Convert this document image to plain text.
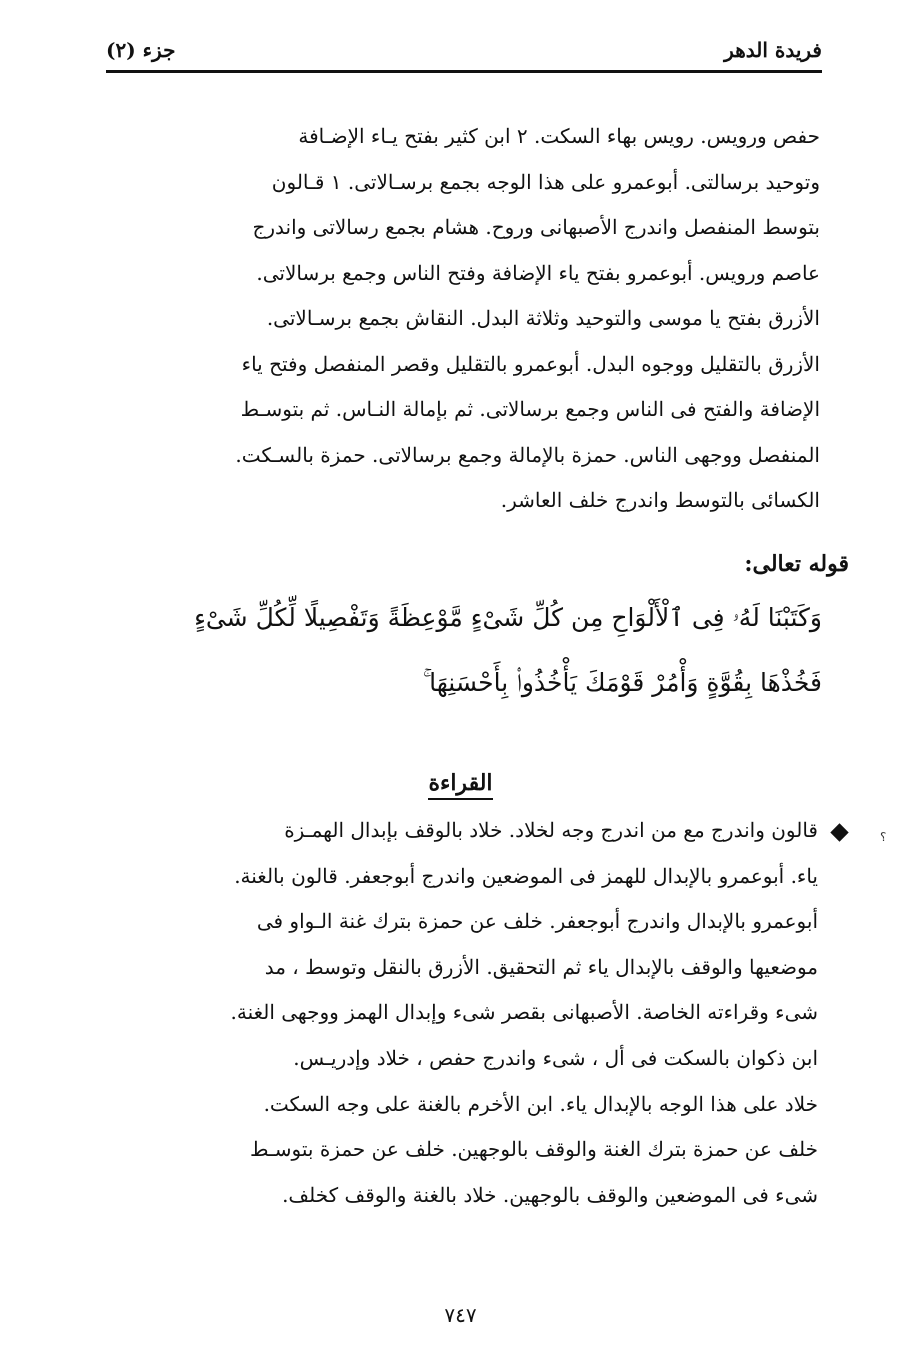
فريدة الدهر
جزء (٢)

حفص ورويس. رويس بهاء السكت. ٢ ابن كثير بفتح يـاء الإضـافة

وتوحيد برسالتى. أبوعمرو على هذا الوجه بجمع برسـالاتى. ١ قـالون

بتوسط المنفصل واندرج الأصبهانى وروح. هشام بجمع رسالاتى واندرج

عاصم ورويس. أبوعمرو بفتح ياء الإضافة وفتح الناس وجمع برسالاتى.

الأزرق بفتح يا موسى والتوحيد وثلاثة البدل. النقاش بجمع برسـالاتى.

الأزرق بالتقليل ووجوه البدل. أبوعمرو بالتقليل وقصر المنفصل وفتح ياء

الإضافة والفتح فى الناس وجمع برسالاتى. ثم بإمالة النـاس. ثم بتوسـط

المنفصل ووجهى الناس. حمزة بالإمالة وجمع برسالاتى. حمزة بالسـكت.

الكسائى بالتوسط واندرج خلف العاشر.

قوله تعالى:
وَكَتَبْنَا لَهُۥ فِى ٱلْأَلْوَاحِ مِن كُلِّ شَىْءٍ مَّوْعِظَةً وَتَفْصِيلًا لِّكُلِّ شَىْءٍ
فَخُذْهَا بِقُوَّةٍ وَأْمُرْ قَوْمَكَ يَأْخُذُوا۟ بِأَحْسَنِهَا ۚ
القراءة
؟

قالون واندرج مع من اندرج وجه لخلاد. خلاد بالوقف بإبدال الهمـزة

ياء. أبوعمرو بالإبدال للهمز فى الموضعين واندرج أبوجعفر. قالون بالغنة.

أبوعمرو بالإبدال واندرج أبوجعفر. خلف عن حمزة بترك غنة الـواو فى

موضعيها والوقف بالإبدال ياء ثم التحقيق. الأزرق بالنقل وتوسط ، مد

شىء وقراءته الخاصة. الأصبهانى بقصر شىء وإبدال الهمز ووجهى الغنة.

ابن ذكوان بالسكت فى أل ، شىء واندرج حفص ، خلاد وإدريـس.

خلاد على هذا الوجه بالإبدال ياء. ابن الأخرم بالغنة على وجه السكت.

خلف عن حمزة بترك الغنة والوقف بالوجهين. خلف عن حمزة بتوسـط

شىء فى الموضعين والوقف بالوجهين. خلاد بالغنة والوقف كخلف.

٧٤٧
